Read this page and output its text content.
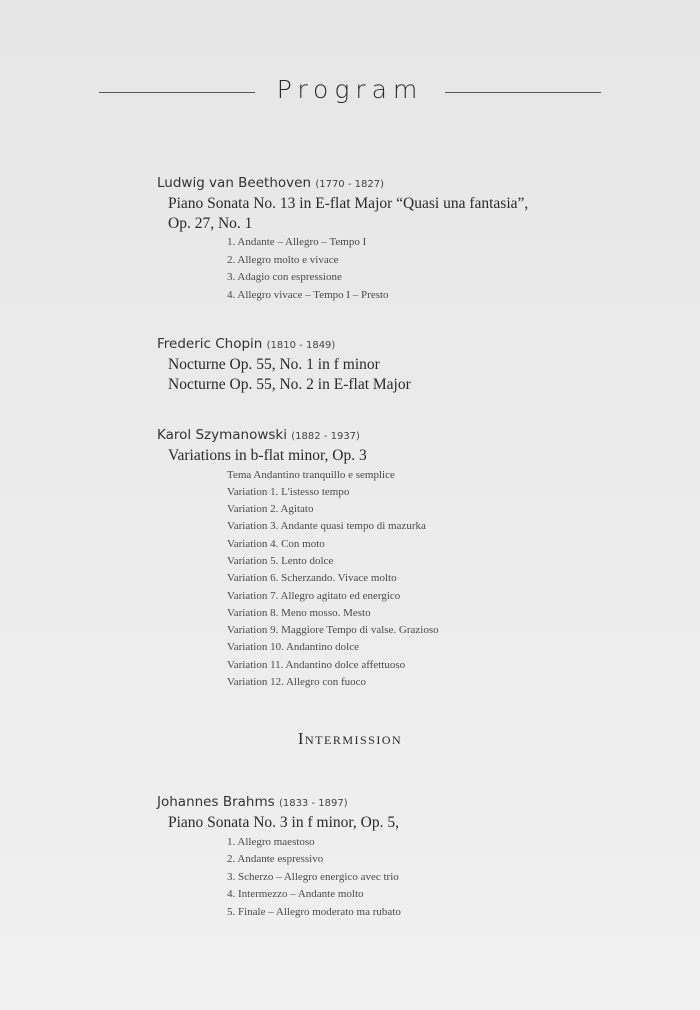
Program
Ludwig van Beethoven (1770 - 1827)
Piano Sonata No. 13 in E-flat Major “Quasi una fantasia”,
Op. 27, No. 1
1. Andante – Allegro – Tempo I
2. Allegro molto e vivace
3. Adagio con espressione
4. Allegro vivace – Tempo I – Presto
Frederic Chopin (1810 - 1849)
Nocturne Op. 55, No. 1 in f minor
Nocturne Op. 55, No. 2 in E-flat Major
Karol Szymanowski (1882 - 1937)
Variations in b-flat minor, Op. 3
Tema Andantino tranquillo e semplice
Variation 1. L'istesso tempo
Variation 2. Agitato
Variation 3. Andante quasi tempo di mazurka
Variation 4. Con moto
Variation 5. Lento dolce
Variation 6. Scherzando. Vivace molto
Variation 7. Allegro agitato ed energico
Variation 8. Meno mosso. Mesto
Variation 9. Maggiore Tempo di valse. Grazioso
Variation 10. Andantino dolce
Variation 11. Andantino dolce affettuoso
Variation 12. Allegro con fuoco
Intermission
Johannes Brahms (1833 - 1897)
Piano Sonata No. 3 in f minor, Op. 5,
1. Allegro maestoso
2. Andante espressivo
3. Scherzo – Allegro energico avec trio
4. Intermezzo – Andante molto
5. Finale – Allegro moderato ma rubato
